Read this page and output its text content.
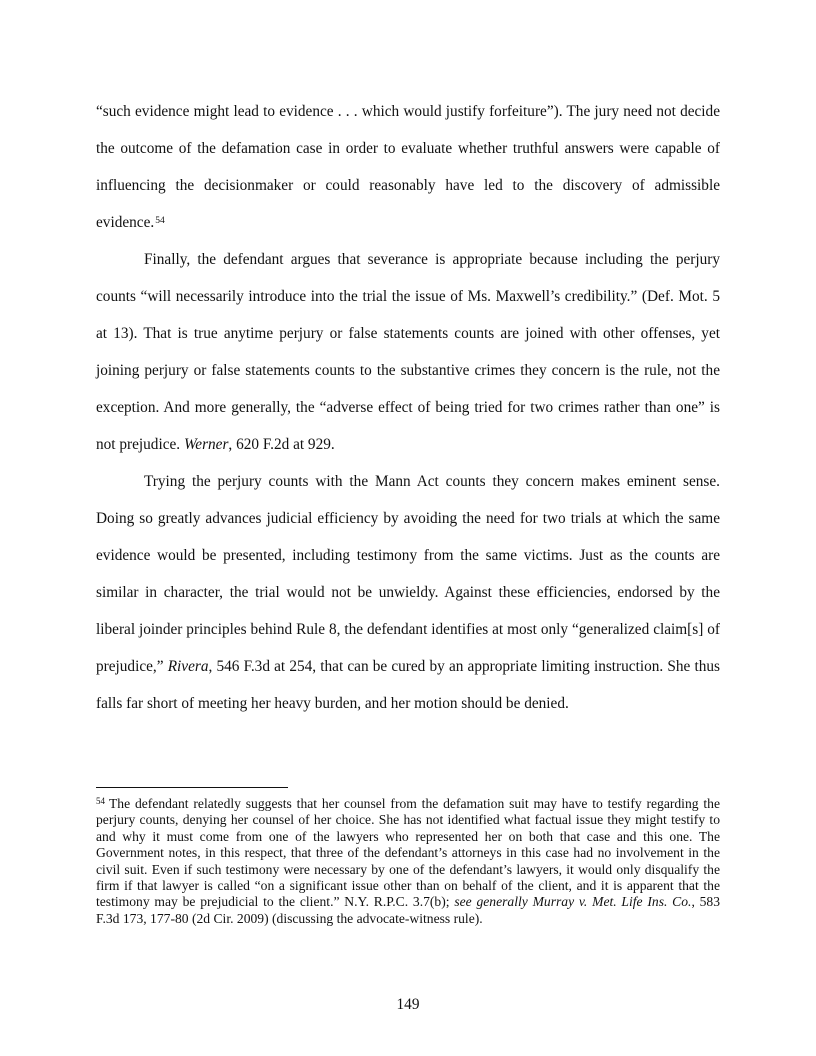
“such evidence might lead to evidence . . . which would justify forfeiture”). The jury need not decide the outcome of the defamation case in order to evaluate whether truthful answers were capable of influencing the decisionmaker or could reasonably have led to the discovery of admissible evidence.$^{54}$

Finally, the defendant argues that severance is appropriate because including the perjury counts “will necessarily introduce into the trial the issue of Ms. Maxwell’s credibility.” (Def. Mot. 5 at 13). That is true anytime perjury or false statements counts are joined with other offenses, yet joining perjury or false statements counts to the substantive crimes they concern is the rule, not the exception. And more generally, the “adverse effect of being tried for two crimes rather than one” is not prejudice. Werner, 620 F.2d at 929.

Trying the perjury counts with the Mann Act counts they concern makes eminent sense. Doing so greatly advances judicial efficiency by avoiding the need for two trials at which the same evidence would be presented, including testimony from the same victims. Just as the counts are similar in character, the trial would not be unwieldy. Against these efficiencies, endorsed by the liberal joinder principles behind Rule 8, the defendant identifies at most only “generalized claim[s] of prejudice,” Rivera, 546 F.3d at 254, that can be cured by an appropriate limiting instruction. She thus falls far short of meeting her heavy burden, and her motion should be denied.

$^{54}$ The defendant relatedly suggests that her counsel from the defamation suit may have to testify regarding the perjury counts, denying her counsel of her choice. She has not identified what factual issue they might testify to and why it must come from one of the lawyers who represented her on both that case and this one. The Government notes, in this respect, that three of the defendant’s attorneys in this case had no involvement in the civil suit. Even if such testimony were necessary by one of the defendant’s lawyers, it would only disqualify the firm if that lawyer is called “on a significant issue other than on behalf of the client, and it is apparent that the testimony may be prejudicial to the client.” N.Y. R.P.C. 3.7(b); see generally Murray v. Met. Life Ins. Co., 583 F.3d 173, 177-80 (2d Cir. 2009) (discussing the advocate-witness rule).

149
